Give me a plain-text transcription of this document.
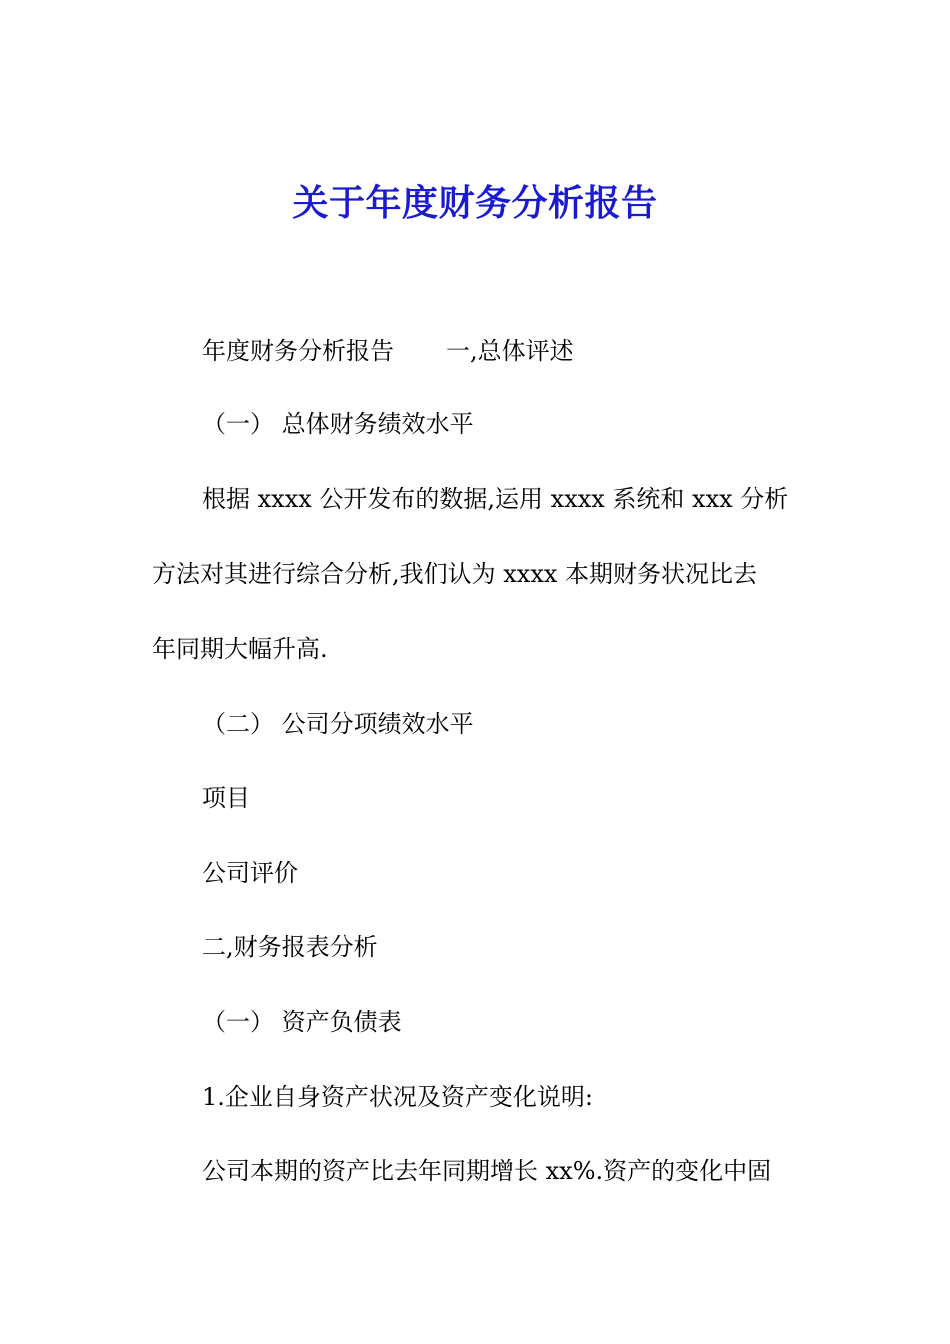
关于年度财务分析报告
年度财务分析报告 一,总体评述
（一） 总体财务绩效水平
根据 xxxx 公开发布的数据,运用 xxxx 系统和 xxx 分析
方法对其进行综合分析,我们认为 xxxx 本期财务状况比去
年同期大幅升高.
（二） 公司分项绩效水平
项目
公司评价
二,财务报表分析
（一） 资产负债表
1.企业自身资产状况及资产变化说明:
公司本期的资产比去年同期增长 xx%.资产的变化中固
